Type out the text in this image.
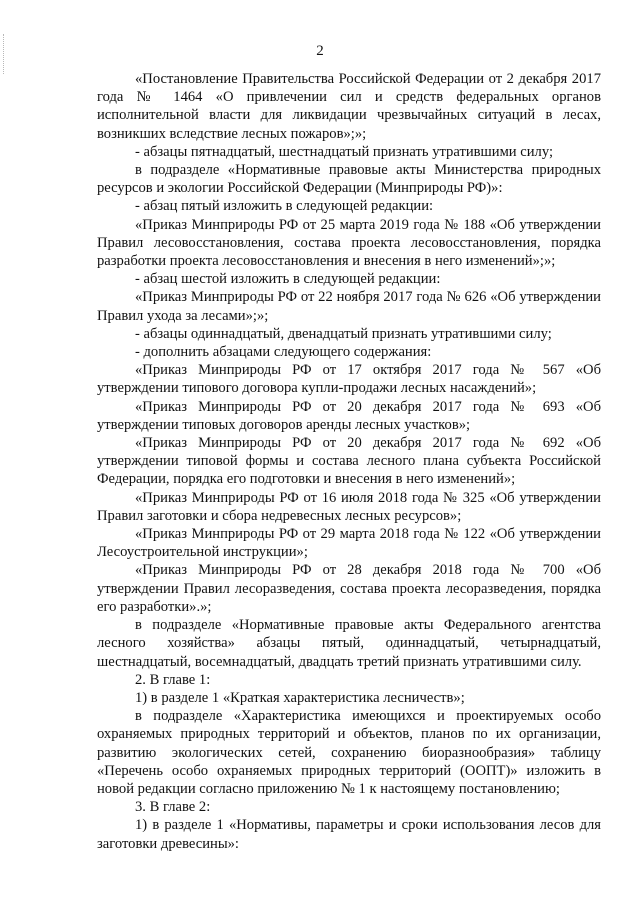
2

«Постановление Правительства Российской Федерации от 2 декабря 2017 года № 1464 «О привлечении сил и средств федеральных органов исполнительной власти для ликвидации чрезвычайных ситуаций в лесах, возникших вследствие лесных пожаров»;»;

- абзацы пятнадцатый, шестнадцатый признать утратившими силу;

в подразделе «Нормативные правовые акты Министерства природных ресурсов и экологии Российской Федерации (Минприроды РФ)»:

- абзац пятый изложить в следующей редакции:

«Приказ Минприроды РФ от 25 марта 2019 года № 188 «Об утверждении Правил лесовосстановления, состава проекта лесовосстановления, порядка разработки проекта лесовосстановления и внесения в него изменений»;»;

- абзац шестой изложить в следующей редакции:

«Приказ Минприроды РФ от 22 ноября 2017 года № 626 «Об утверждении Правил ухода за лесами»;»;

- абзацы одиннадцатый, двенадцатый признать утратившими силу;

- дополнить абзацами следующего содержания:

«Приказ Минприроды РФ от 17 октября 2017 года № 567 «Об утверждении типового договора купли-продажи лесных насаждений»;

«Приказ Минприроды РФ от 20 декабря 2017 года № 693 «Об утверждении типовых договоров аренды лесных участков»;

«Приказ Минприроды РФ от 20 декабря 2017 года № 692 «Об утверждении типовой формы и состава лесного плана субъекта Российской Федерации, порядка его подготовки и внесения в него изменений»;

«Приказ Минприроды РФ от 16 июля 2018 года № 325 «Об утверждении Правил заготовки и сбора недревесных лесных ресурсов»;

«Приказ Минприроды РФ от 29 марта 2018 года № 122 «Об утверждении Лесоустроительной инструкции»;

«Приказ Минприроды РФ от 28 декабря 2018 года № 700 «Об утверждении Правил лесоразведения, состава проекта лесоразведения, порядка его разработки».»;

в подразделе «Нормативные правовые акты Федерального агентства лесного хозяйства» абзацы пятый, одиннадцатый, четырнадцатый, шестнадцатый, восемнадцатый, двадцать третий признать утратившими силу.

2. В главе 1:

1) в разделе 1 «Краткая характеристика лесничеств»;

в подразделе «Характеристика имеющихся и проектируемых особо охраняемых природных территорий и объектов, планов по их организации, развитию экологических сетей, сохранению биоразнообразия» таблицу «Перечень особо охраняемых природных территорий (ООПТ)» изложить в новой редакции согласно приложению № 1 к настоящему постановлению;

3. В главе 2:

1) в разделе 1 «Нормативы, параметры и сроки использования лесов для заготовки древесины»:
